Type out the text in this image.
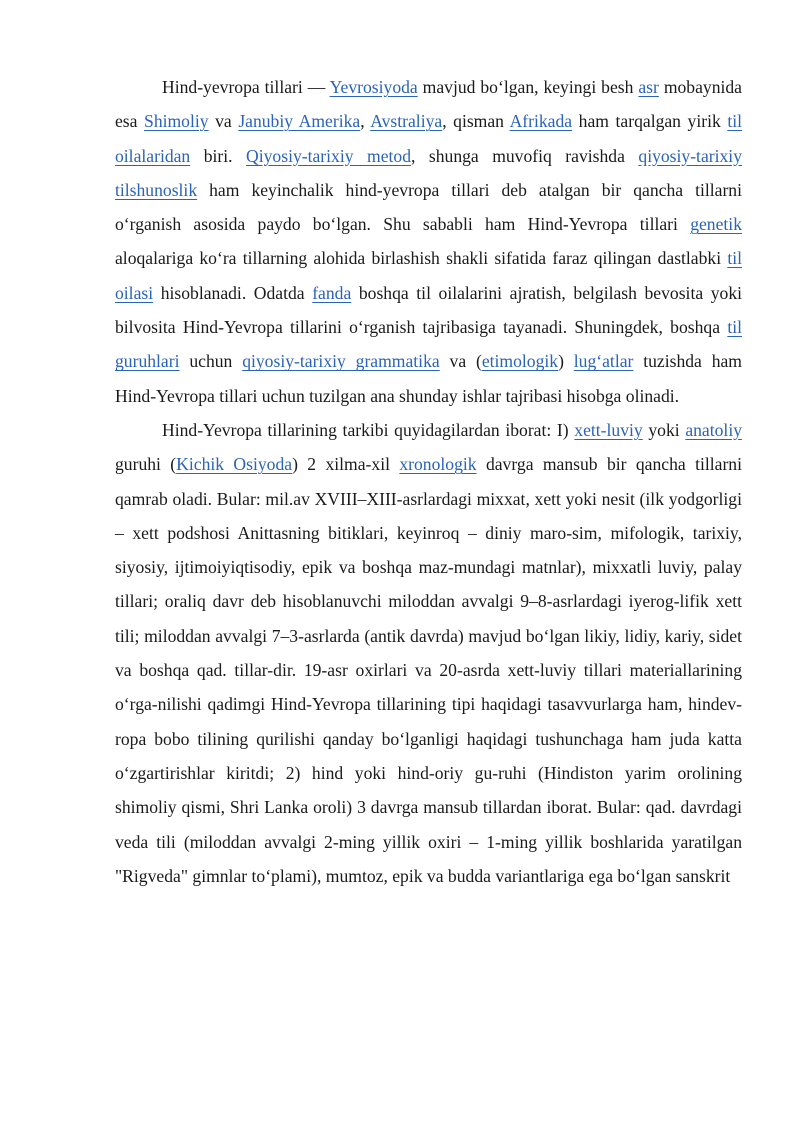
Hind-yevropa tillari — Yevrosiyoda mavjud bo‘lgan, keyingi besh asr mobaynida esa Shimoliy va Janubiy Amerika, Avstraliya, qisman Afrikada ham tarqalgan yirik til oilalaridan biri. Qiyosiy-tarixiy metod, shunga muvofiq ravishda qiyosiy-tarixiy tilshunoslik ham keyinchalik hind-yevropa tillari deb atalgan bir qancha tillarni o‘rganish asosida paydo bo‘lgan. Shu sababli ham Hind-Yevropa tillari genetik aloqalariga ko‘ra tillarning alohida birlashish shakli sifatida faraz qilingan dastlabki til oilasi hisoblanadi. Odatda fanda boshqa til oilalarini ajratish, belgilash bevosita yoki bilvosita Hind-Yevropa tillarini o‘rganish tajribasiga tayanadi. Shuningdek, boshqa til guruhlari uchun qiyosiy-tarixiy grammatika va (etimologik) lug‘atlar tuzishda ham Hind-Yevropa tillari uchun tuzilgan ana shunday ishlar tajribasi hisobga olinadi.

Hind-Yevropa tillarining tarkibi quyidagilardan iborat: I) xett-luviy yoki anatoliy guruhi (Kichik Osiyoda) 2 xilma-xil xronologik davrga mansub bir qancha tillarni qamrab oladi. Bular: mil.av XVIII–XIII-asrlardagi mixxat, xett yoki nesit (ilk yodgorligi – xett podshosi Anittasning bitiklari, keyinroq – diniy maro-sim, mifologik, tarixiy, siyosiy, ijtimoiyiqtisodiy, epik va boshqa maz-mundagi matnlar), mixxatli luviy, palay tillari; oraliq davr deb hisoblanuvchi miloddan avvalgi 9–8-asrlardagi iyerog-lifik xett tili; miloddan avvalgi 7–3-asrlarda (antik davrda) mavjud bo‘lgan likiy, lidiy, kariy, sidet va boshqa qad. tillar-dir. 19-asr oxirlari va 20-asrda xett-luviy tillari materiallarining o‘rga-nilishi qadimgi Hind-Yevropa tillarining tipi haqidagi tasavvurlarga ham, hindev-ropa bobo tilining qurilishi qanday bo‘lganligi haqidagi tushunchaga ham juda katta o‘zgartirishlar kiritdi; 2) hind yoki hind-oriy gu-ruhi (Hindiston yarim orolining shimoliy qismi, Shri Lanka oroli) 3 davrga mansub tillardan iborat. Bular: qad. davrdagi veda tili (miloddan avvalgi 2-ming yillik oxiri – 1-ming yillik boshlarida yaratilgan "Rigveda" gimnlar to‘plami), mumtoz, epik va budda variantlariga ega bo‘lgan sanskrit
